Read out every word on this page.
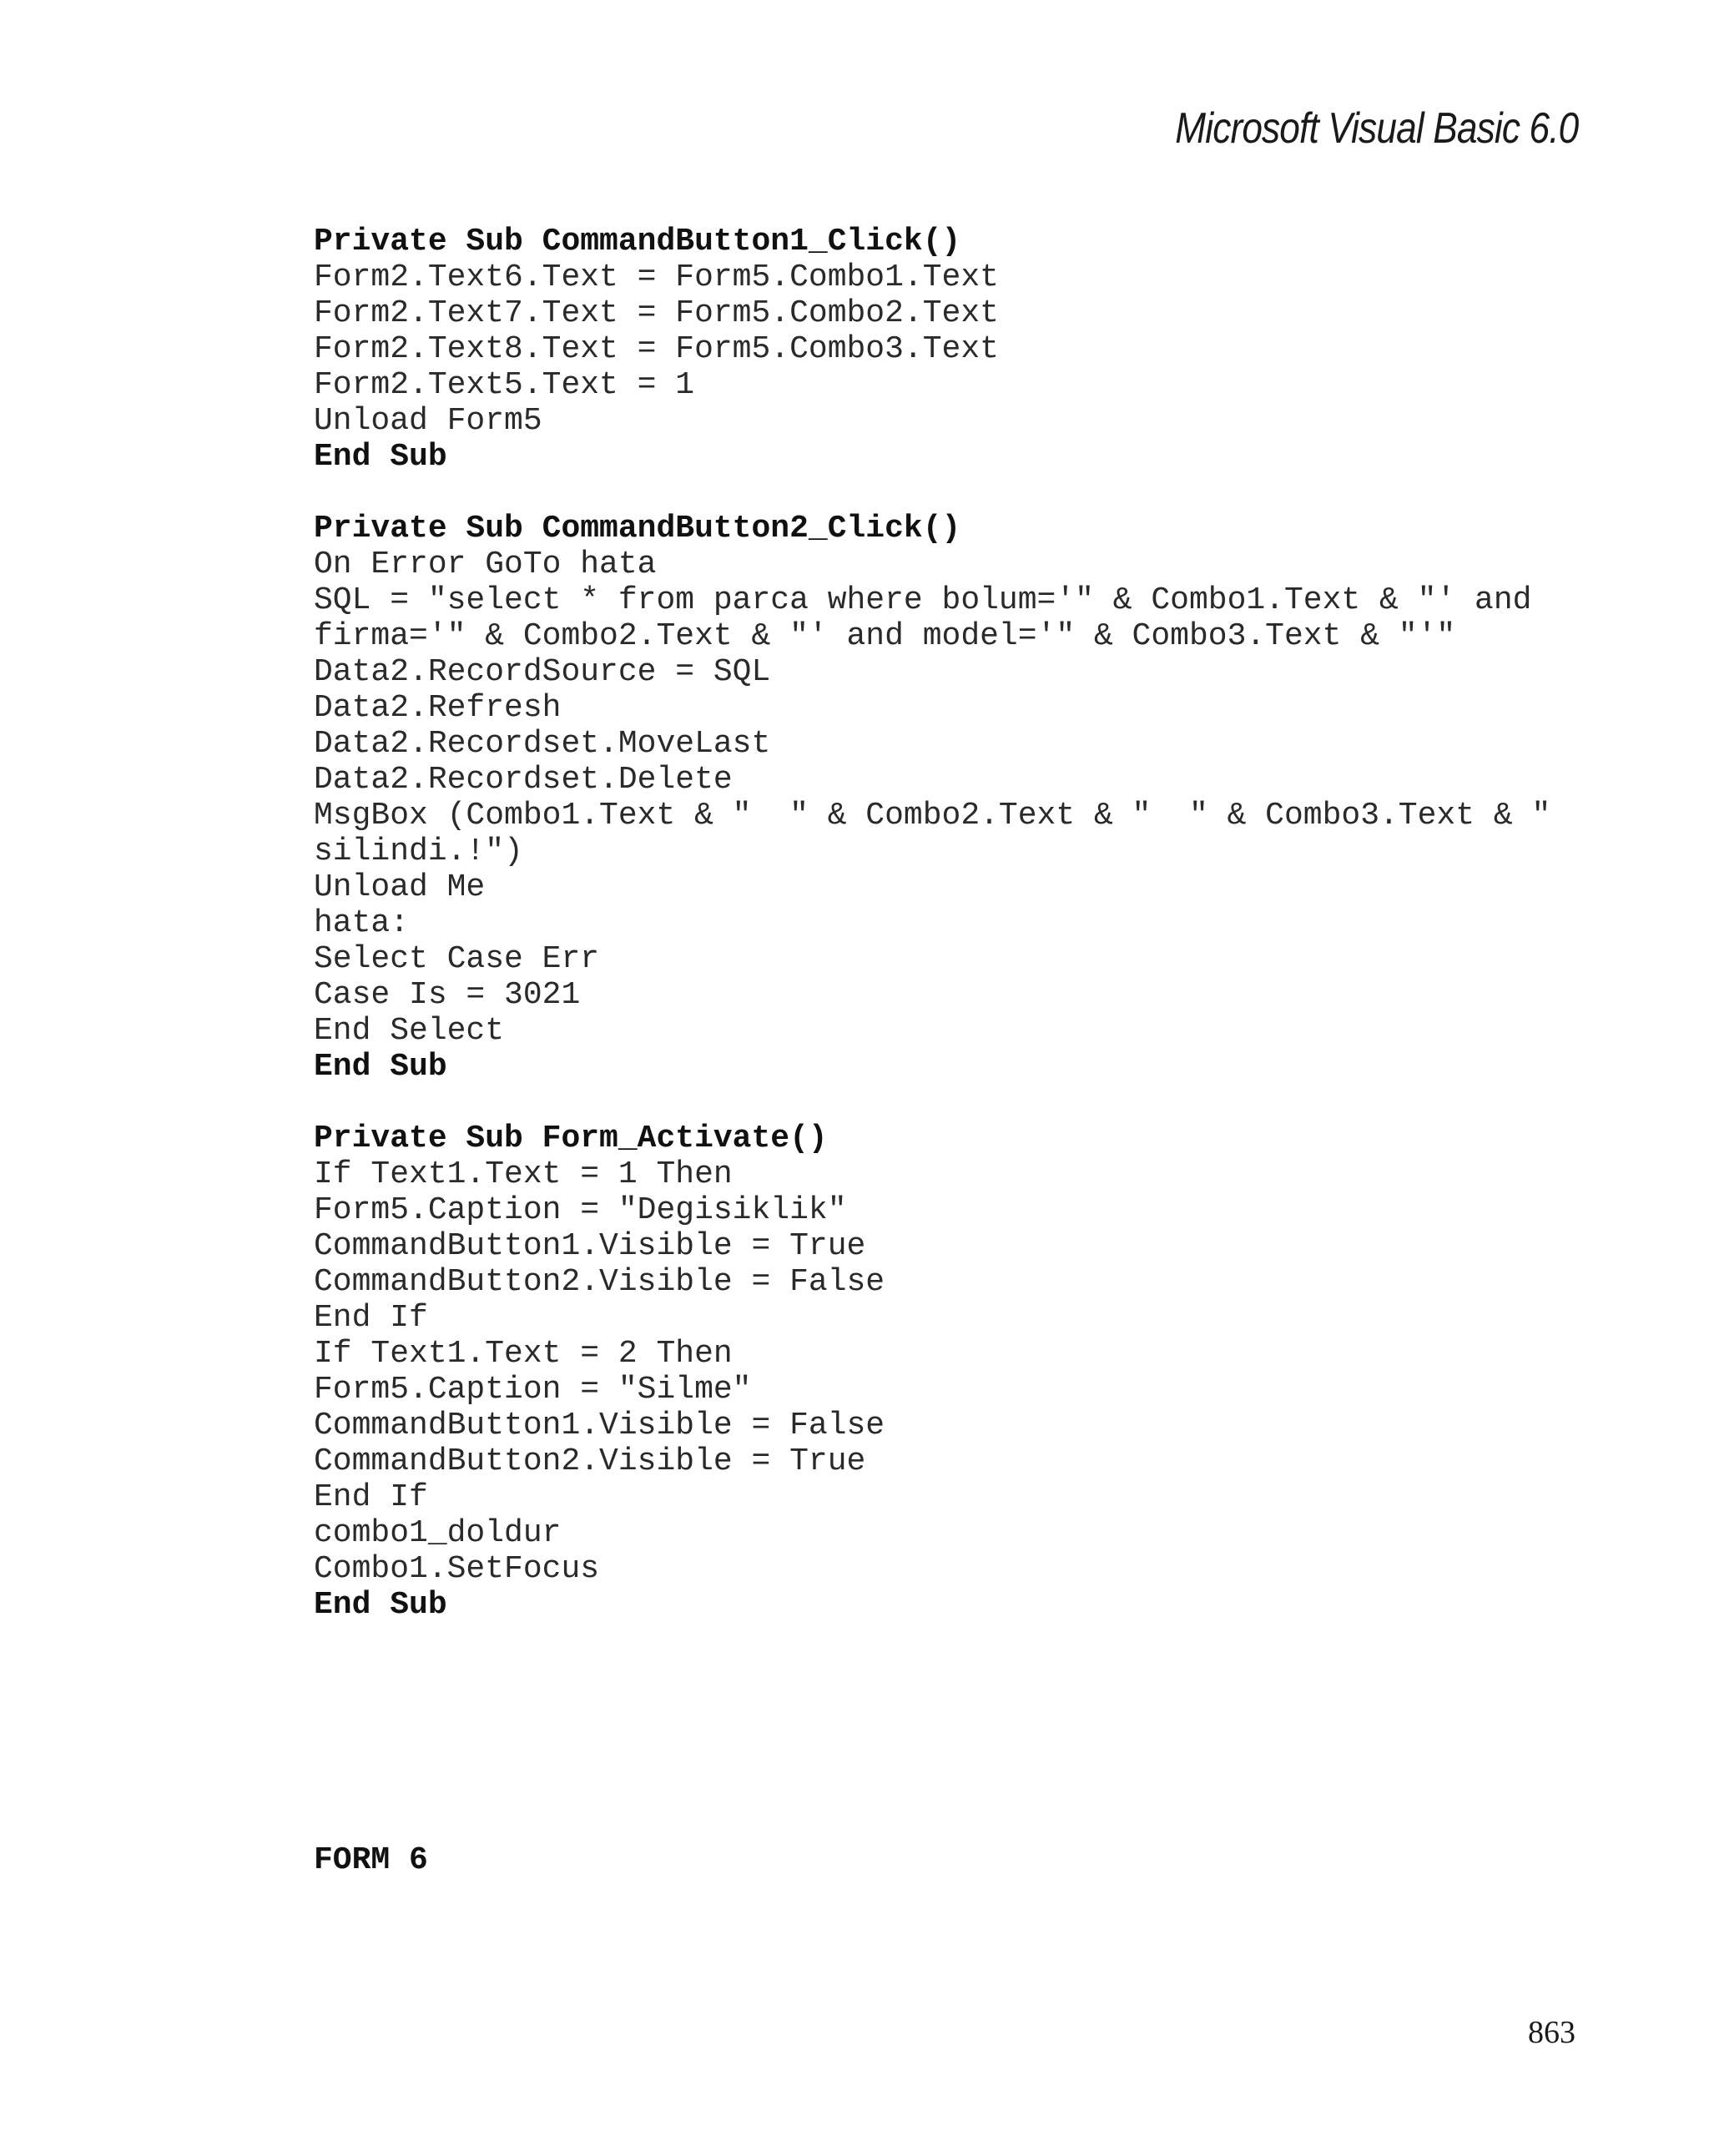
Microsoft Visual Basic 6.0
Private Sub CommandButton1_Click()
Form2.Text6.Text = Form5.Combo1.Text
Form2.Text7.Text = Form5.Combo2.Text
Form2.Text8.Text = Form5.Combo3.Text
Form2.Text5.Text = 1
Unload Form5
End Sub
Private Sub CommandButton2_Click()
On Error GoTo hata
SQL = "select * from parca where bolum='" & Combo1.Text & "' and
firma='" & Combo2.Text & "' and model='" & Combo3.Text & "'"
Data2.RecordSource = SQL
Data2.Refresh
Data2.Recordset.MoveLast
Data2.Recordset.Delete
MsgBox (Combo1.Text & "  " & Combo2.Text & "  " & Combo3.Text & "
silindi.!")
Unload Me
hata:
Select Case Err
Case Is = 3021
End Select
End Sub
Private Sub Form_Activate()
If Text1.Text = 1 Then
Form5.Caption = "Degisiklik"
CommandButton1.Visible = True
CommandButton2.Visible = False
End If
If Text1.Text = 2 Then
Form5.Caption = "Silme"
CommandButton1.Visible = False
CommandButton2.Visible = True
End If
combo1_doldur
Combo1.SetFocus
End Sub
FORM 6
863
